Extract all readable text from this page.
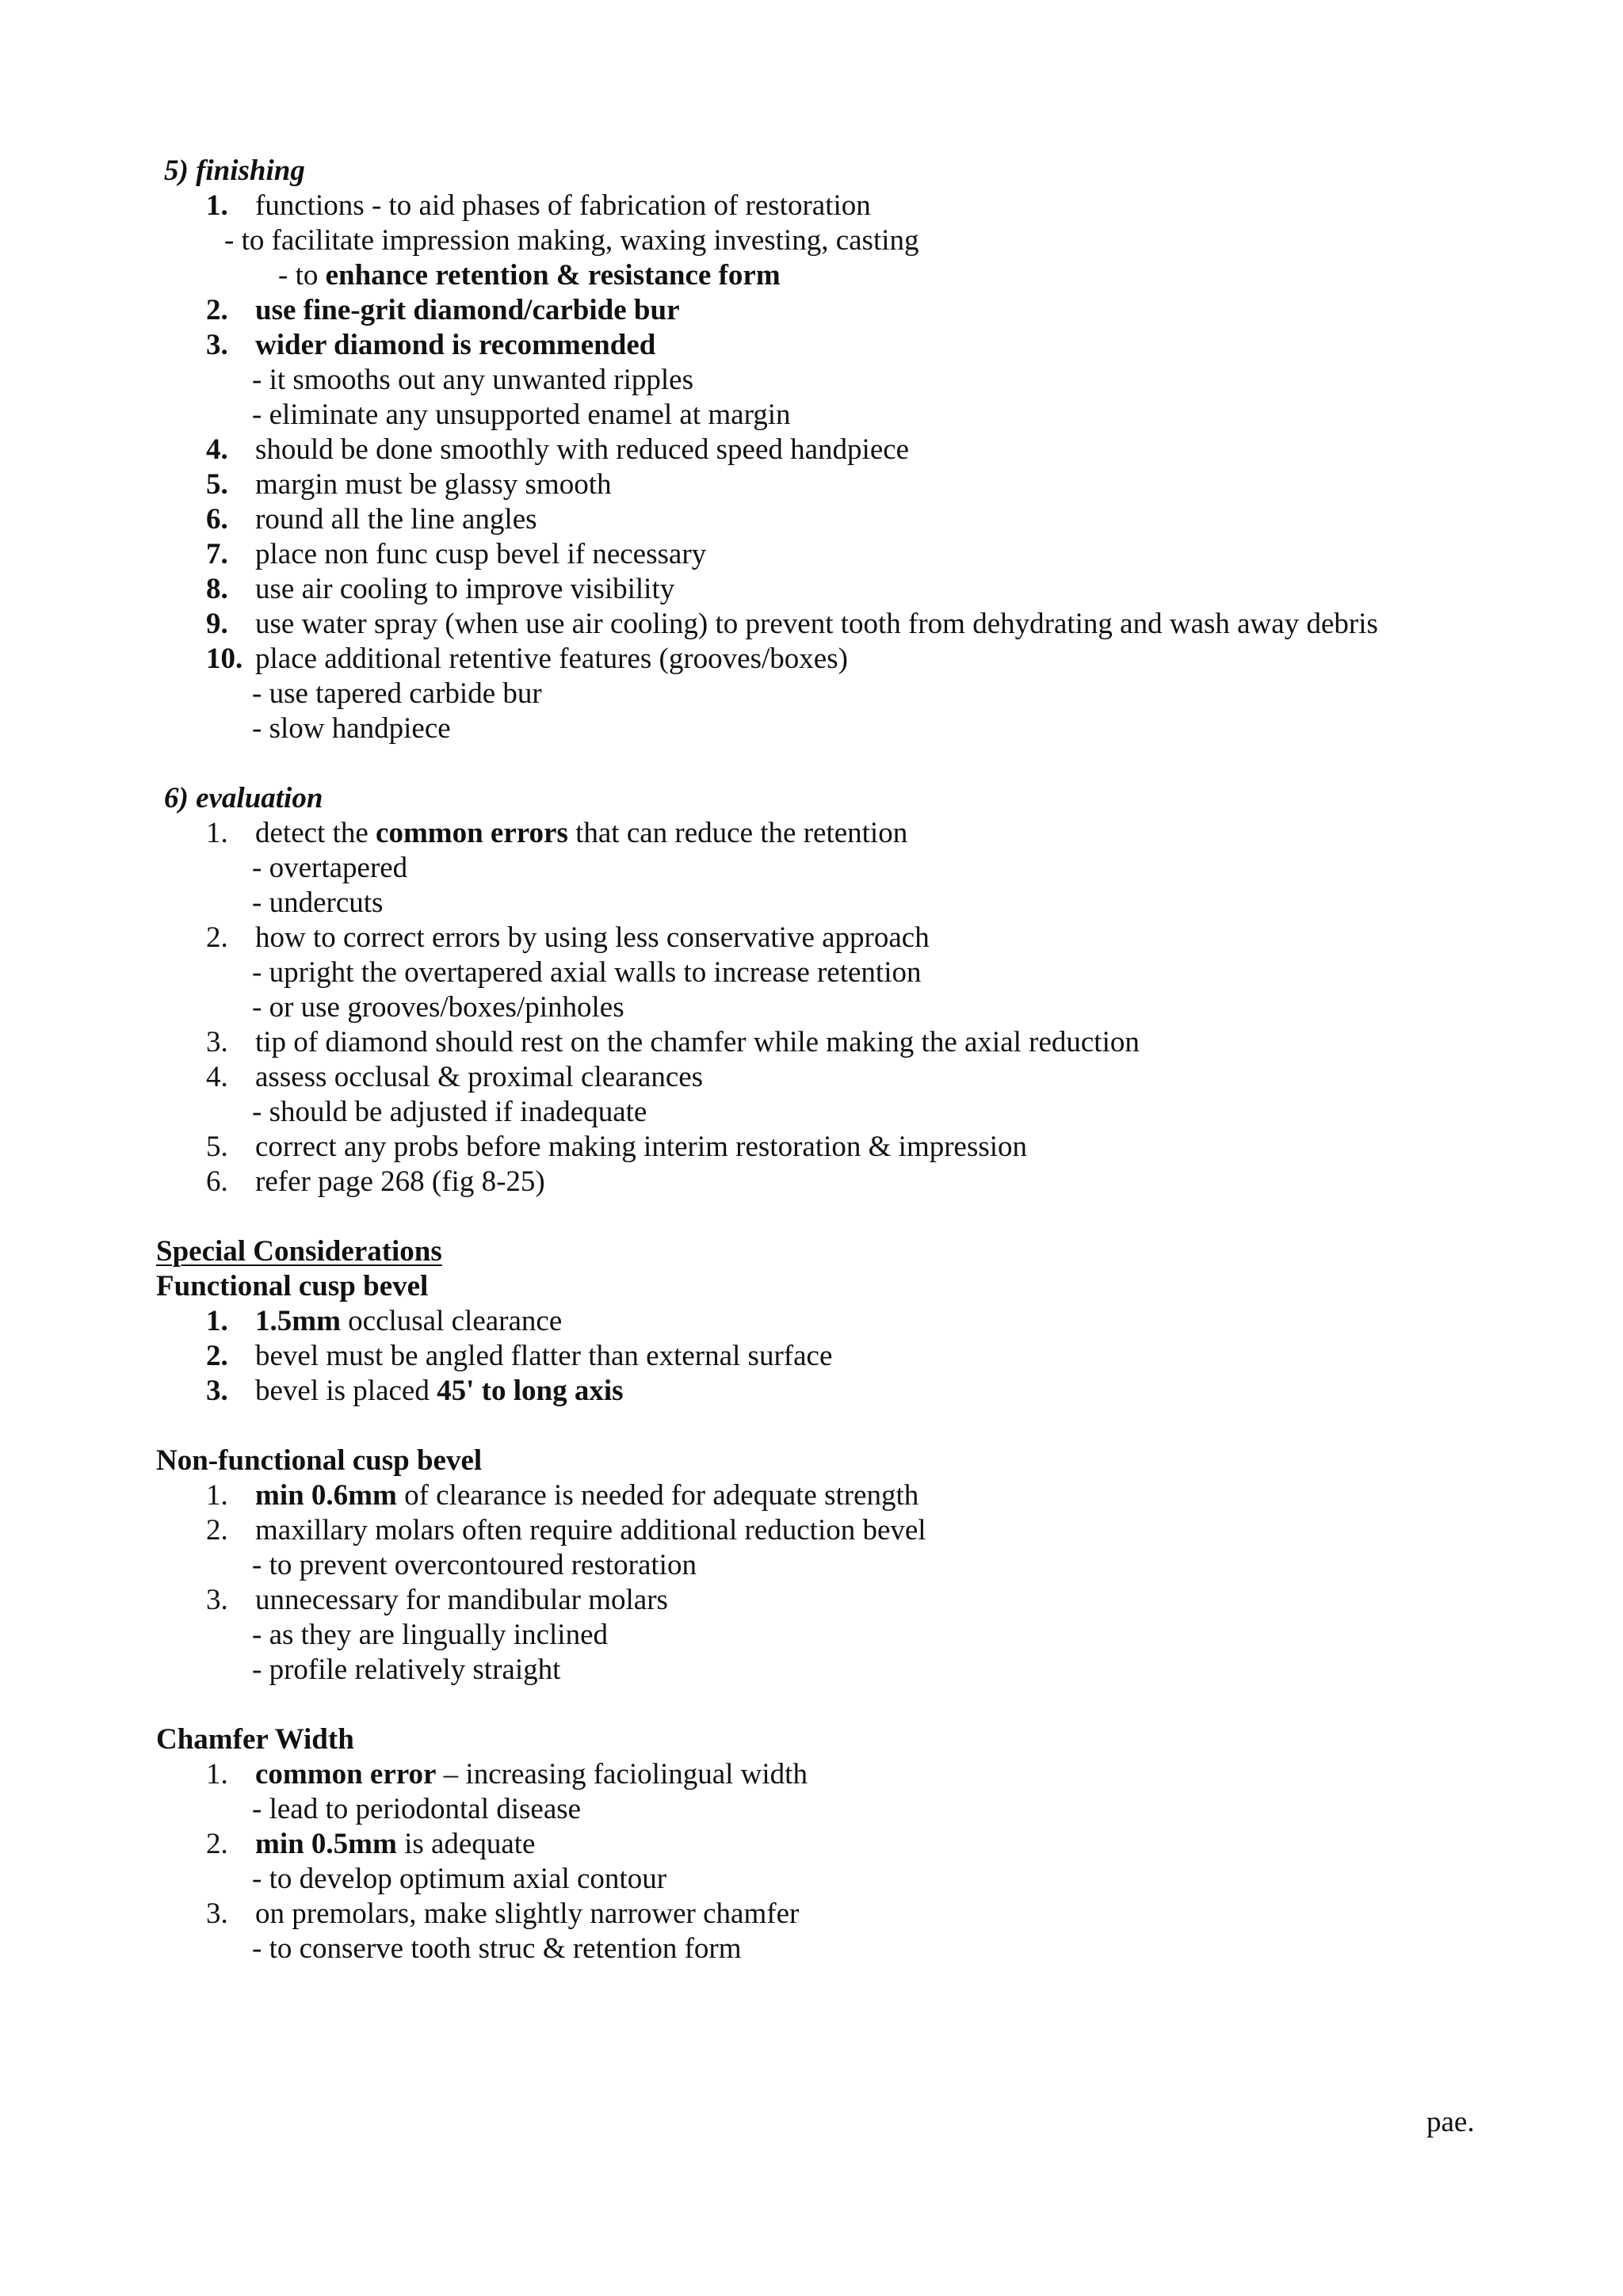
5) finishing
1. functions - to aid phases of fabrication of restoration
- to facilitate impression making, waxing investing, casting
- to enhance retention & resistance form
2. use fine-grit diamond/carbide bur
3. wider diamond is recommended
- it smooths out any unwanted ripples
- eliminate any unsupported enamel at margin
4. should be done smoothly with reduced speed handpiece
5. margin must be glassy smooth
6. round all the line angles
7. place non func cusp bevel if necessary
8. use air cooling to improve visibility
9. use water spray (when use air cooling) to prevent tooth from dehydrating and wash away debris
10. place additional retentive features (grooves/boxes)
- use tapered carbide bur
- slow handpiece
6) evaluation
1. detect the common errors that can reduce the retention
- overtapered
- undercuts
2. how to correct errors by using less conservative approach
- upright the overtapered axial walls to increase retention
- or use grooves/boxes/pinholes
3. tip of diamond should rest on the chamfer while making the axial reduction
4. assess occlusal & proximal clearances
- should be adjusted if inadequate
5. correct any probs before making interim restoration & impression
6. refer page 268 (fig 8-25)
Special Considerations
Functional cusp bevel
1. 1.5mm occlusal clearance
2. bevel must be angled flatter than external surface
3. bevel is placed 45' to long axis
Non-functional cusp bevel
1. min 0.6mm of clearance is needed for adequate strength
2. maxillary molars often require additional reduction bevel
- to prevent overcontoured restoration
3. unnecessary for mandibular molars
- as they are lingually inclined
- profile relatively straight
Chamfer Width
1. common error – increasing faciolingual width
- lead to periodontal disease
2. min 0.5mm is adequate
- to develop optimum axial contour
3. on premolars, make slightly narrower chamfer
- to conserve tooth struc & retention form
pae.
